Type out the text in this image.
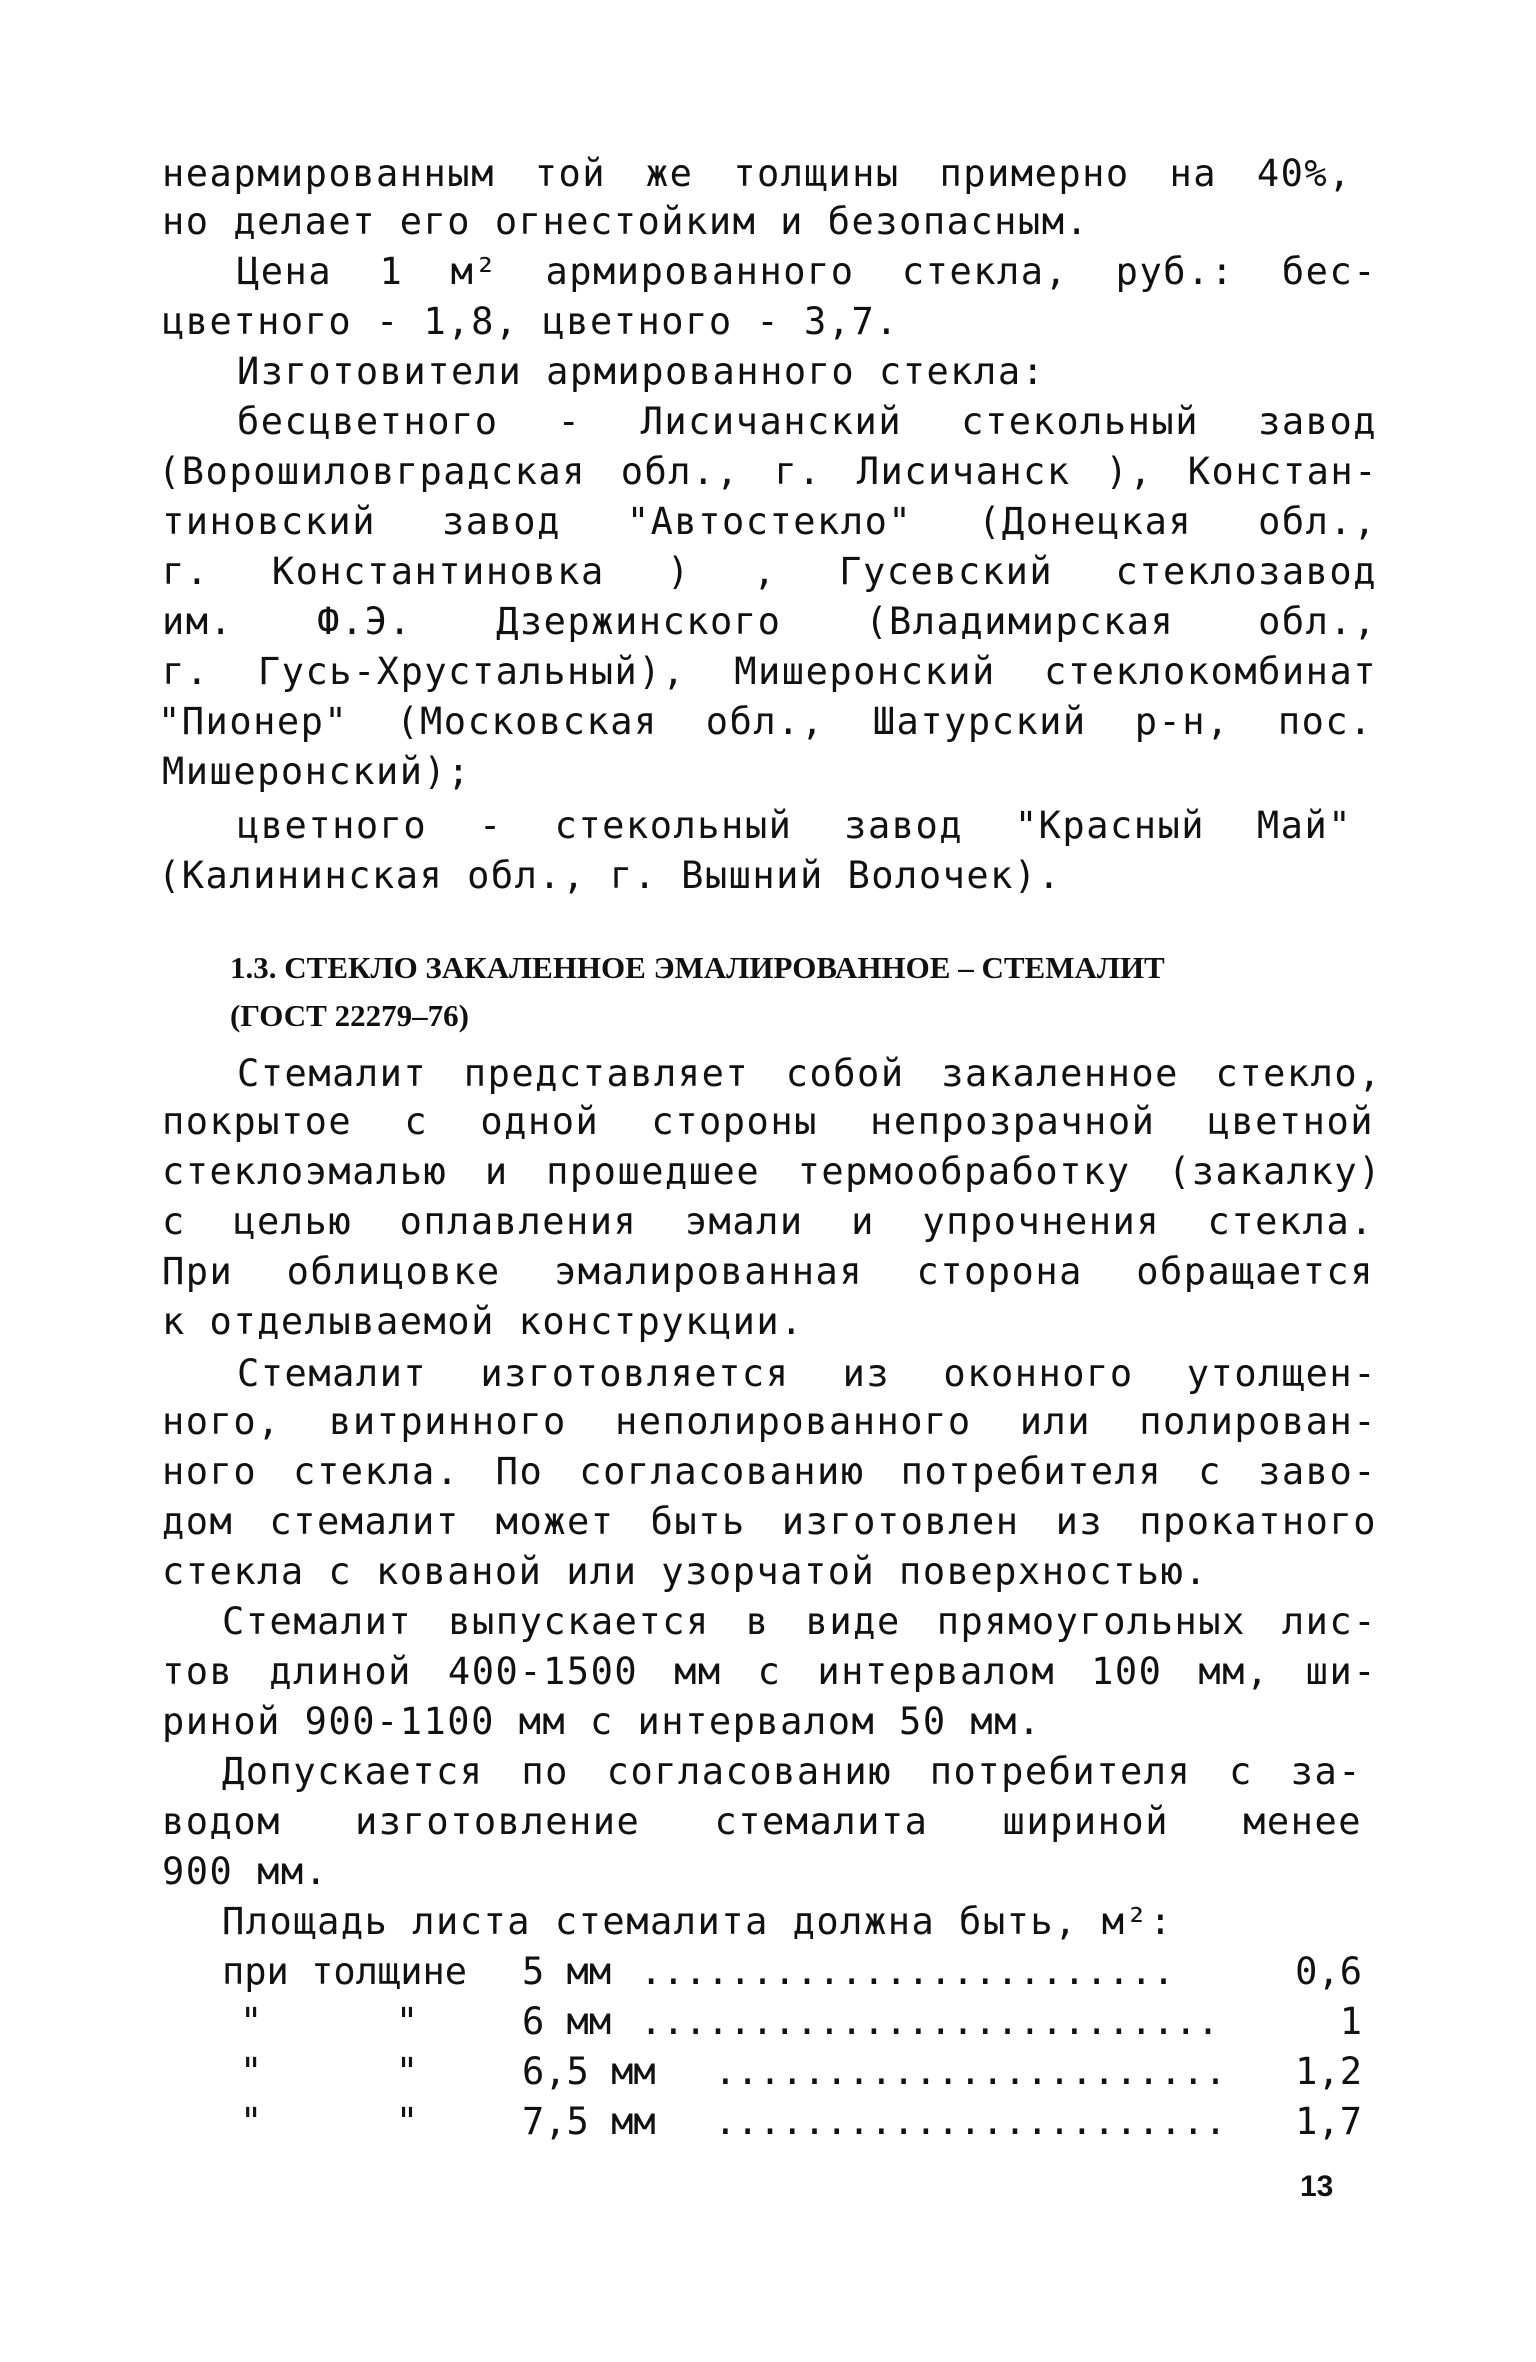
неармированным той же толщины примерно на 40%,
но делает его огнестойким и безопасным.
Цена 1 м² армированного стекла, руб.: бес-
цветного - 1,8, цветного - 3,7.
Изготовители армированного стекла:
бесцветного - Лисичанский стекольный завод
(Ворошиловградская обл., г. Лисичанск ), Констан-
тиновский завод "Автостекло" (Донецкая обл.,
г. Константиновка ) , Гусевский стеклозавод
им. Ф.Э. Дзержинского (Владимирская обл.,
г. Гусь-Хрустальный), Мишеронский стеклокомбинат
"Пионер" (Московская обл., Шатурский р-н, пос.
Мишеронский);
цветного - стекольный завод "Красный Май"
(Калининская обл., г. Вышний Волочек).
1.3. СТЕКЛО ЗАКАЛЕННОЕ ЭМАЛИРОВАННОЕ – СТЕМАЛИТ
(ГОСТ 22279–76)
Стемалит представляет собой закаленное стекло,
покрытое с одной стороны непрозрачной цветной
стеклоэмалью и прошедшее термообработку (закалку)
с целью оплавления эмали и упрочнения стекла.
При облицовке эмалированная сторона обращается
к отделываемой конструкции.
Стемалит изготовляется из оконного утолщен-
ного, витринного неполированного или полирован-
ного стекла. По согласованию потребителя с заво-
дом стемалит может быть изготовлен из прокатного
стекла с кованой или узорчатой поверхностью.
Стемалит выпускается в виде прямоугольных лис-
тов длиной 400-1500 мм с интервалом 100 мм, ши-
риной 900-1100 мм с интервалом 50 мм.
Допускается по согласованию потребителя с за-
водом изготовление стемалита шириной менее
900 мм.
Площадь листа стемалита должна быть, м²:
при толщине 5 мм ........................	0,6
"      "	6 мм ..........................	1
"      "	6,5 мм ....................... 1,2
"      "	7,5 мм ....................... 1,7
13
